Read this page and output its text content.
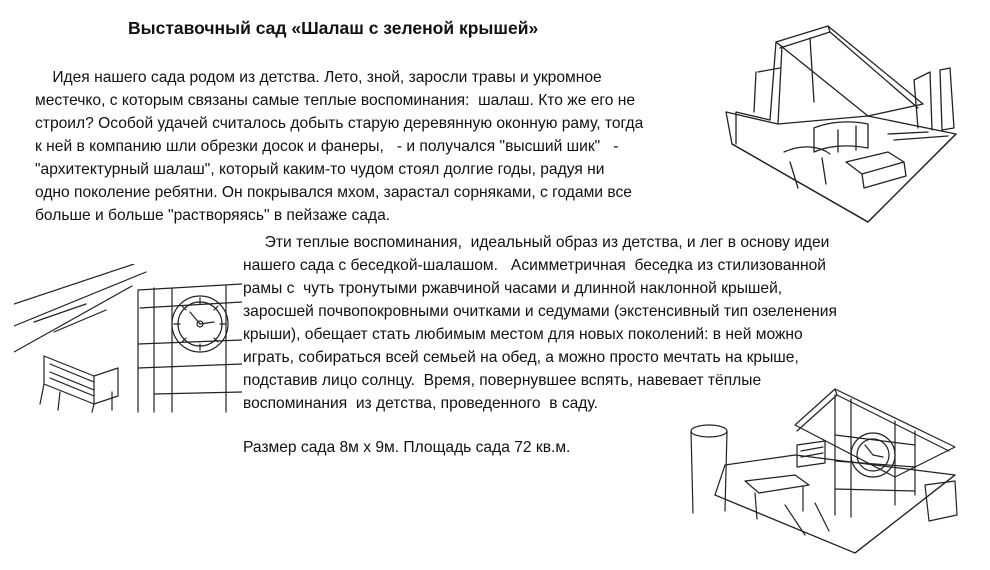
Выставочный сад «Шалаш с зеленой крышей»
Идея нашего сада родом из детства. Лето, зной, заросли травы и укромное
местечко, с которым связаны самые теплые воспоминания:  шалаш. Кто же его не
строил? Особой удачей считалось добыть старую деревянную оконную раму, тогда
к ней в компанию шли обрезки досок и фанеры,   - и получался "высший шик"   -
"архитектурный шалаш", который каким-то чудом стоял долгие годы, радуя ни
одно поколение ребятни. Он покрывался мхом, зарастал сорняками, с годами все
больше и больше "растворяясь" в пейзаже сада.
Эти теплые воспоминания,  идеальный образ из детства, и лег в основу идеи
нашего сада с беседкой-шалашом.   Асимметричная  беседка из стилизованной
рамы с  чуть тронутыми ржавчиной часами и длинной наклонной крышей,
заросшей почвопокровными очитками и седумами (экстенсивный тип озеленения
крыши), обещает стать любимым местом для новых поколений: в ней можно
играть, собираться всей семьей на обед, а можно просто мечтать на крыше,
подставив лицо солнцу.  Время, повернувшее вспять, навевает тёплые
воспоминания  из детства, проведенного  в саду.
Размер сада 8м х 9м. Площадь сада 72 кв.м.
